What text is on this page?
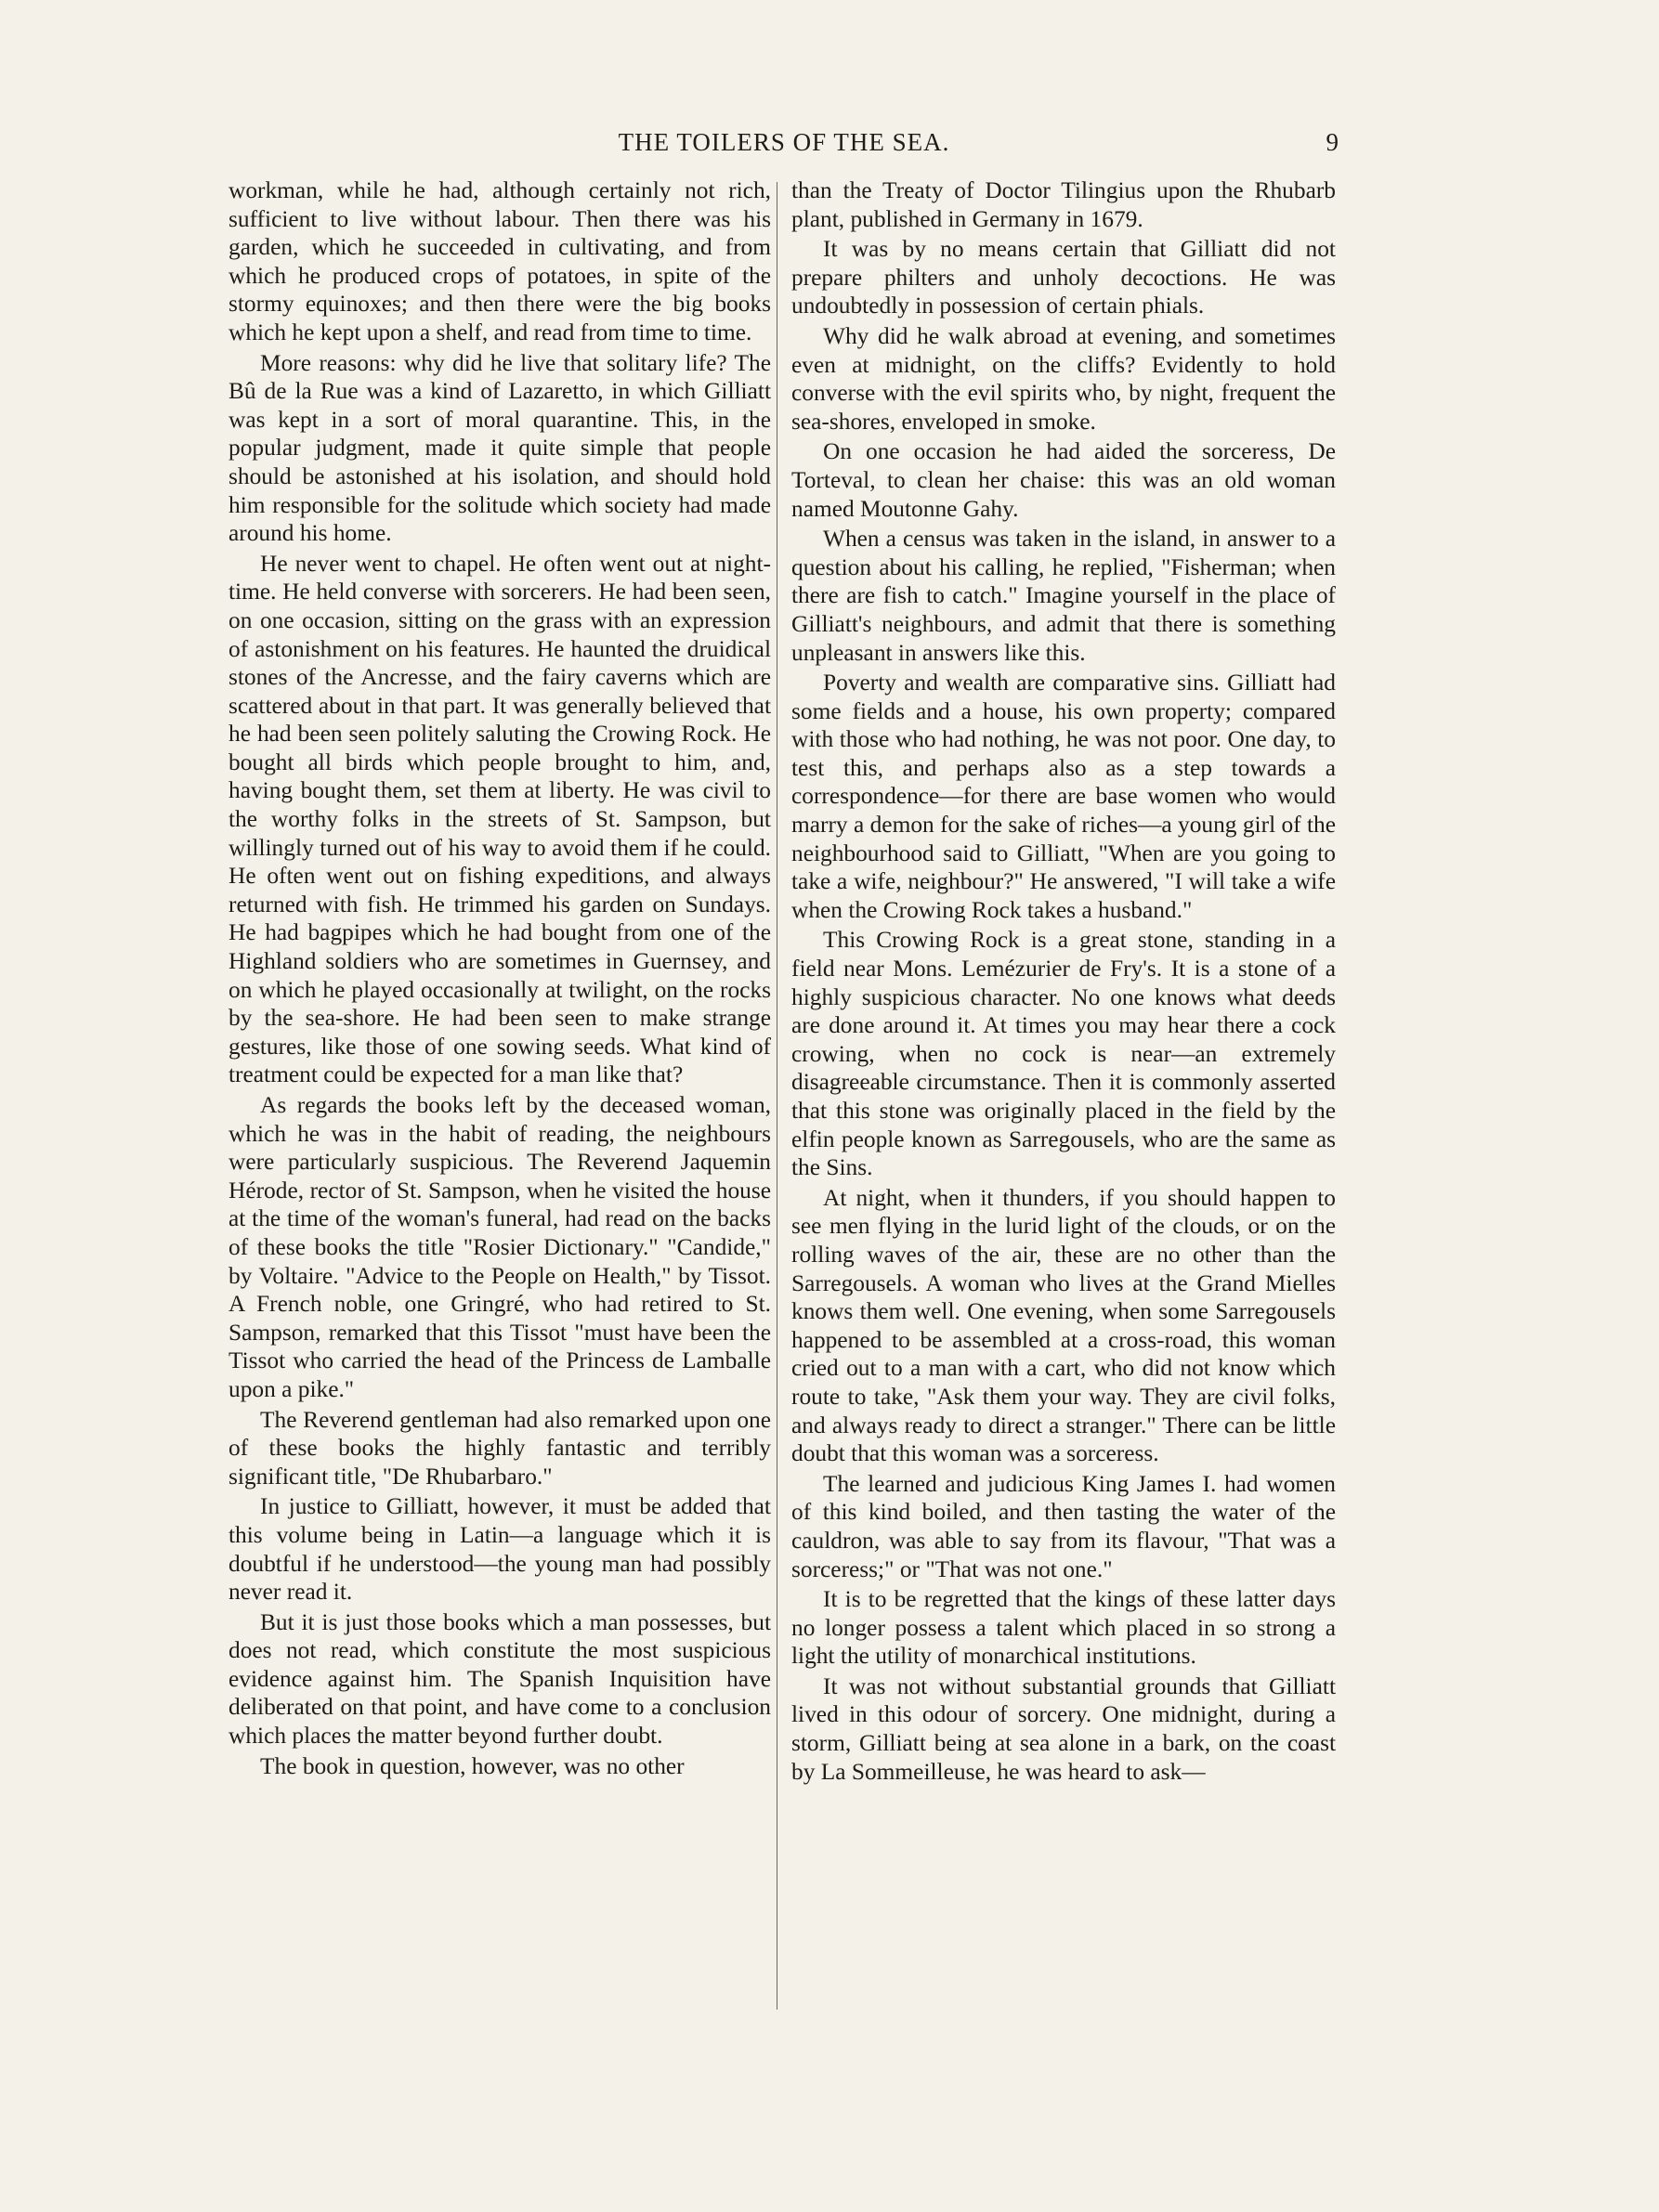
THE TOILERS OF THE SEA.	9

workman, while he had, although certainly not rich, sufficient to live without labour. Then there was his garden, which he succeeded in cultivating, and from which he produced crops of potatoes, in spite of the stormy equinoxes; and then there were the big books which he kept upon a shelf, and read from time to time.

More reasons: why did he live that solitary life? The Bû de la Rue was a kind of Lazaretto, in which Gilliatt was kept in a sort of moral quarantine. This, in the popular judgment, made it quite simple that people should be astonished at his isolation, and should hold him responsible for the solitude which society had made around his home.

He never went to chapel. He often went out at night-time. He held converse with sorcerers. He had been seen, on one occasion, sitting on the grass with an expression of astonishment on his features. He haunted the druidical stones of the Ancresse, and the fairy caverns which are scattered about in that part. It was generally believed that he had been seen politely saluting the Crowing Rock. He bought all birds which people brought to him, and, having bought them, set them at liberty. He was civil to the worthy folks in the streets of St. Sampson, but willingly turned out of his way to avoid them if he could. He often went out on fishing expeditions, and always returned with fish. He trimmed his garden on Sundays. He had bagpipes which he had bought from one of the Highland soldiers who are sometimes in Guernsey, and on which he played occasionally at twilight, on the rocks by the sea-shore. He had been seen to make strange gestures, like those of one sowing seeds. What kind of treatment could be expected for a man like that?

As regards the books left by the deceased woman, which he was in the habit of reading, the neighbours were particularly suspicious. The Reverend Jaquemin Hérode, rector of St. Sampson, when he visited the house at the time of the woman's funeral, had read on the backs of these books the title "Rosier Dictionary." "Candide," by Voltaire. "Advice to the People on Health," by Tissot. A French noble, one Gringré, who had retired to St. Sampson, remarked that this Tissot "must have been the Tissot who carried the head of the Princess de Lamballe upon a pike."

The Reverend gentleman had also remarked upon one of these books the highly fantastic and terribly significant title, "De Rhubarbaro."

In justice to Gilliatt, however, it must be added that this volume being in Latin—a language which it is doubtful if he understood—the young man had possibly never read it.

But it is just those books which a man possesses, but does not read, which constitute the most suspicious evidence against him. The Spanish Inquisition have deliberated on that point, and have come to a conclusion which places the matter beyond further doubt.

The book in question, however, was no other

than the Treaty of Doctor Tilingius upon the Rhubarb plant, published in Germany in 1679.

It was by no means certain that Gilliatt did not prepare philters and unholy decoctions. He was undoubtedly in possession of certain phials.

Why did he walk abroad at evening, and sometimes even at midnight, on the cliffs? Evidently to hold converse with the evil spirits who, by night, frequent the sea-shores, enveloped in smoke.

On one occasion he had aided the sorceress, De Torteval, to clean her chaise: this was an old woman named Moutonne Gahy.

When a census was taken in the island, in answer to a question about his calling, he replied, "Fisherman; when there are fish to catch." Imagine yourself in the place of Gilliatt's neighbours, and admit that there is something unpleasant in answers like this.

Poverty and wealth are comparative sins. Gilliatt had some fields and a house, his own property; compared with those who had nothing, he was not poor. One day, to test this, and perhaps also as a step towards a correspondence—for there are base women who would marry a demon for the sake of riches—a young girl of the neighbourhood said to Gilliatt, "When are you going to take a wife, neighbour?" He answered, "I will take a wife when the Crowing Rock takes a husband."

This Crowing Rock is a great stone, standing in a field near Mons. Lemézurier de Fry's. It is a stone of a highly suspicious character. No one knows what deeds are done around it. At times you may hear there a cock crowing, when no cock is near—an extremely disagreeable circumstance. Then it is commonly asserted that this stone was originally placed in the field by the elfin people known as Sarregousels, who are the same as the Sins.

At night, when it thunders, if you should happen to see men flying in the lurid light of the clouds, or on the rolling waves of the air, these are no other than the Sarregousels. A woman who lives at the Grand Mielles knows them well. One evening, when some Sarregousels happened to be assembled at a cross-road, this woman cried out to a man with a cart, who did not know which route to take, "Ask them your way. They are civil folks, and always ready to direct a stranger." There can be little doubt that this woman was a sorceress.

The learned and judicious King James I. had women of this kind boiled, and then tasting the water of the cauldron, was able to say from its flavour, "That was a sorceress;" or "That was not one."

It is to be regretted that the kings of these latter days no longer possess a talent which placed in so strong a light the utility of monarchical institutions.

It was not without substantial grounds that Gilliatt lived in this odour of sorcery. One midnight, during a storm, Gilliatt being at sea alone in a bark, on the coast by La Sommeilleuse, he was heard to ask—
